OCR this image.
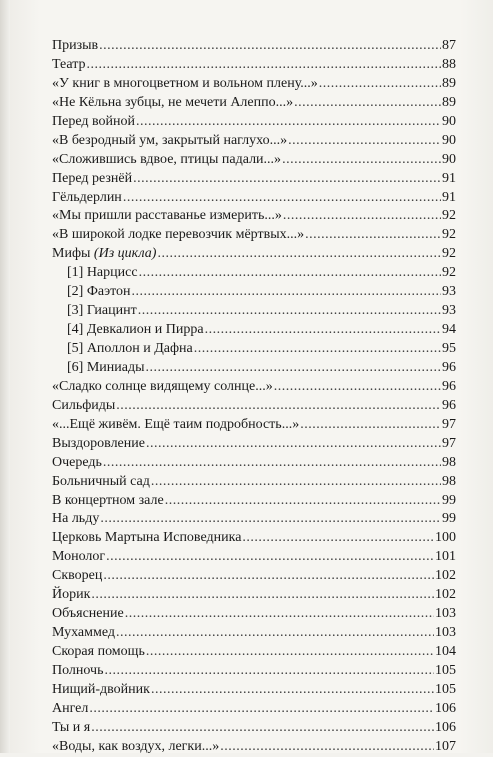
Призыв .....	87
Театр .....	88
«У книг в многоцветном и вольном плену...» .....	89
«Не Кёльна зубцы, не мечети Алеппо...» .....	89
Перед войной .....	90
«В безродный ум, закрытый наглухо...» .....	90
«Сложившись вдвое, птицы падали...» .....	90
Перед резнёй .....	91
Гёльдерлин .....	91
«Мы пришли расставанье измерить...» .....	92
«В широкой лодке перевозчик мёртвых...» .....	92
Мифы (Из цикла) .....	92
[1] Нарцисс .....	92
[2] Фаэтон .....	93
[3] Гиацинт .....	93
[4] Девкалион и Пирра .....	94
[5] Аполлон и Дафна .....	95
[6] Миниады .....	96
«Сладко солнце видящему солнце...» .....	96
Сильфиды .....	96
«...Ещё живём. Ещё таим подробность...» .....	97
Выздоровление .....	97
Очередь .....	98
Больничный сад .....	98
В концертном зале .....	99
На льду .....	99
Церковь Мартына Исповедника .....	100
Монолог .....	101
Скворец .....	102
Йорик .....	102
Объяснение .....	103
Мухаммед .....	103
Скорая помощь .....	104
Полночь .....	105
Нищий-двойник .....	105
Ангел .....	106
Ты и я .....	106
«Воды, как воздух, легки...» .....	107
